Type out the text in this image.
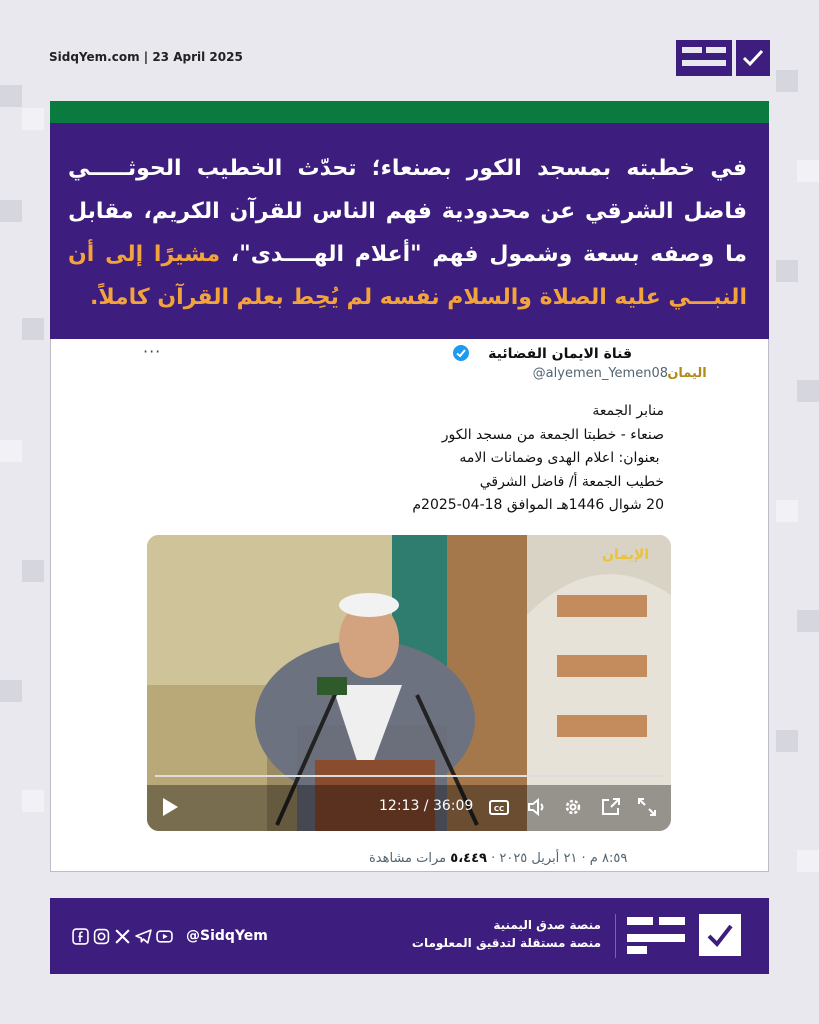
SidqYem.com | 23 April 2025
في خطبته بمسجد الكور بصنعاء؛ تحدّث الخطيب الحوثـــــي فاضل الشرقي عن محدودية فهم الناس للقرآن الكريم، مقابل ما وصفه بسعة وشمول فهم "أعلام الهــــدى"، مشيرًا إلى أن النبـــي عليه الصلاة والسلام نفسه لم يُحِط بعلم القرآن كاملاً.
اليمان
قناة الايمان الفضائية
@alyemen_Yemen08
···
منابر الجمعة
صنعاء - خطبتا الجمعة من مسجد الكور
بعنوان: اعلام الهدى وضمانات الامه
خطيب الجمعة أ/ فاضل الشرقي
20 شوال 1446هـ الموافق 18-04-2025م
الإيمان
12:13 / 36:09	CC
٨:٥٩ م · ٢١ أبريل ٢٠٢٥ · ٥،٤٤٩ مرات مشاهدة
منصة صدق اليمنية
منصة مستقلة لتدقيق المعلومات
@SidqYem
